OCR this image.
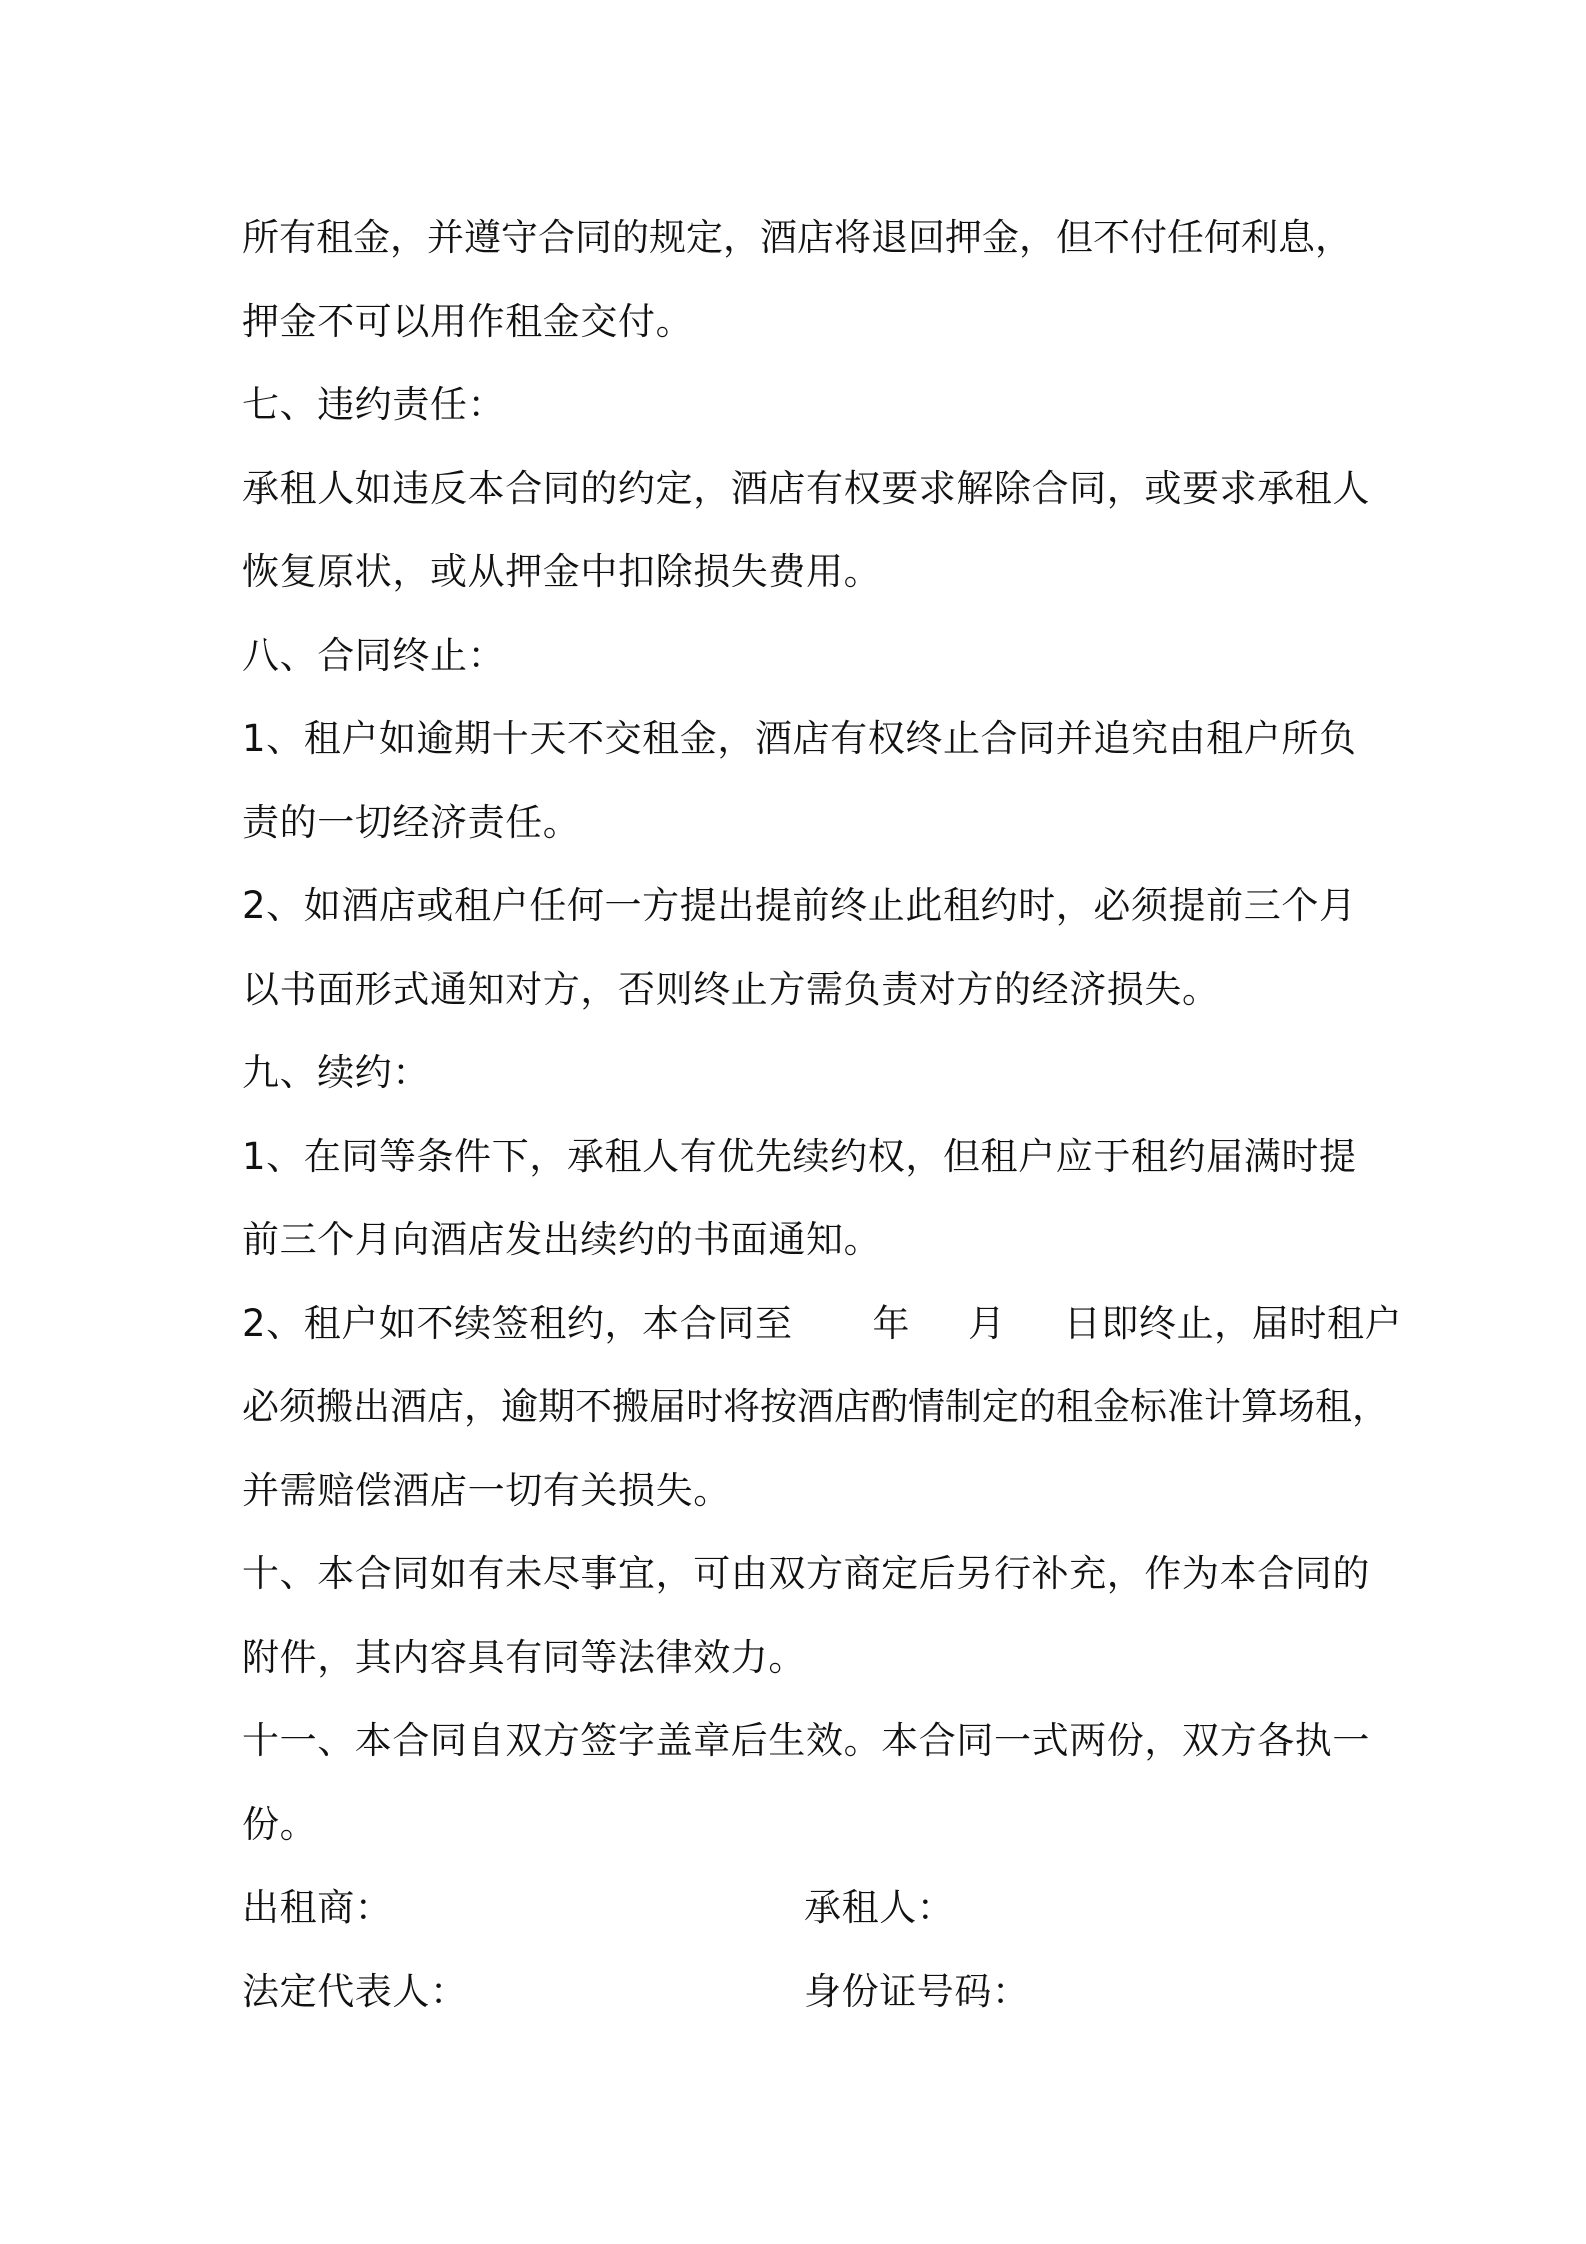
所有租金，并遵守合同的规定，酒店将退回押金，但不付任何利息，
押金不可以用作租金交付。
七、违约责任：
承租人如违反本合同的约定，酒店有权要求解除合同，或要求承租人
恢复原状，或从押金中扣除损失费用。
八、合同终止：
1、租户如逾期十天不交租金，酒店有权终止合同并追究由租户所负
责的一切经济责任。
2、如酒店或租户任何一方提出提前终止此租约时，必须提前三个月
以书面形式通知对方，否则终止方需负责对方的经济损失。
九、续约：
1、在同等条件下，承租人有优先续约权，但租户应于租约届满时提
前三个月向酒店发出续约的书面通知。
2、租户如不续签租约，本合同至 年 月 日即终止，届时租户
必须搬出酒店，逾期不搬届时将按酒店酌情制定的租金标准计算场租，
并需赔偿酒店一切有关损失。
十、本合同如有未尽事宜，可由双方商定后另行补充，作为本合同的
附件，其内容具有同等法律效力。
十一、本合同自双方签字盖章后生效。本合同一式两份，双方各执一
份。
出租商：	承租人：
法定代表人：	身份证号码：
